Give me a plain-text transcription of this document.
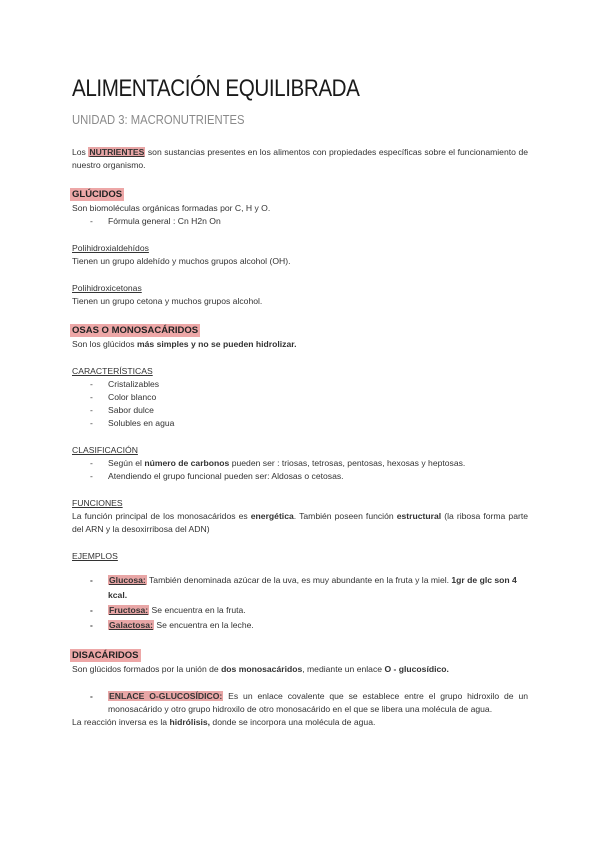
ALIMENTACIÓN EQUILIBRADA
UNIDAD 3: MACRONUTRIENTES
Los NUTRIENTES son sustancias presentes en los alimentos con propiedades específicas sobre el funcionamiento de nuestro organismo.
GLÚCIDOS
Son biomoléculas orgánicas formadas por C, H y O.
- Fórmula general : Cn H2n On
Polihidroxialdehídos
Tienen un grupo aldehído y muchos grupos alcohol (OH).
Polihidroxicetonas
Tienen un grupo cetona y muchos grupos alcohol.
OSAS O MONOSACÁRIDOS
Son los glúcidos más simples y no se pueden hidrolizar.
CARACTERÍSTICAS
- Cristalizables
- Color blanco
- Sabor dulce
- Solubles en agua
CLASIFICACIÓN
- Según el número de carbonos pueden ser : triosas, tetrosas, pentosas, hexosas y heptosas.
- Atendiendo el grupo funcional pueden ser: Aldosas o cetosas.
FUNCIONES
La función principal de los monosacáridos es energética. También poseen función estructural (la ribosa forma parte del ARN y la desoxirribosa del ADN)
EJEMPLOS
- Glucosa: También denominada azúcar de la uva, es muy abundante en la fruta y la miel. 1gr de glc son 4 kcal.
- Fructosa: Se encuentra en la fruta.
- Galactosa: Se encuentra en la leche.
DISACÁRIDOS
Son glúcidos formados por la unión de dos monosacáridos, mediante un enlace O - glucosídico.
- ENLACE O-GLUCOSÍDICO: Es un enlace covalente que se establece entre el grupo hidroxilo de un monosacárido y otro grupo hidroxilo de otro monosacárido en el que se libera una molécula de agua.
La reacción inversa es la hidrólisis, donde se incorpora una molécula de agua.
